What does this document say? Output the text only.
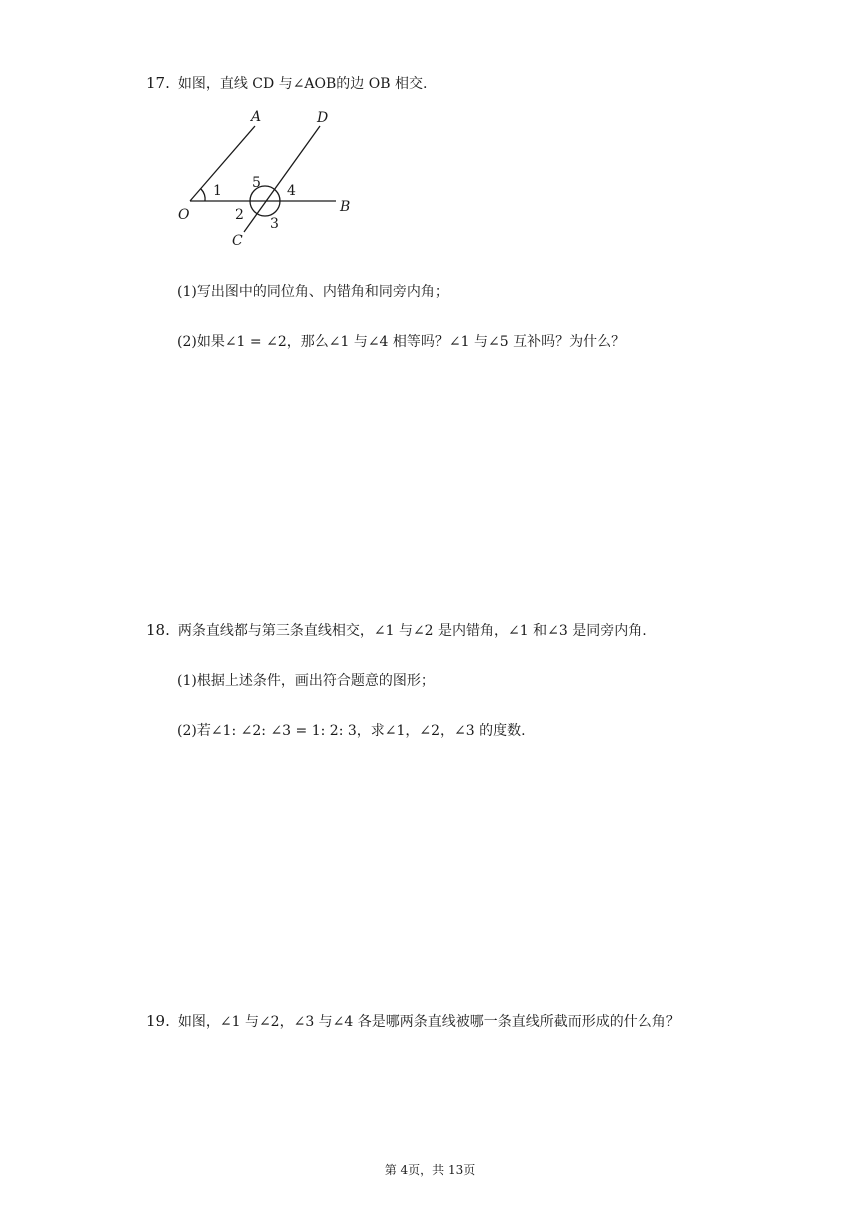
17. 如图，直线 CD 与∠AOB的边 OB 相交.
A	D
O	B
C
1
2
3
4
5
(1)写出图中的同位角、内错角和同旁内角；
(2)如果∠1 = ∠2，那么∠1 与∠4 相等吗？∠1 与∠5 互补吗？为什么？
18. 两条直线都与第三条直线相交，∠1 与∠2 是内错角，∠1 和∠3 是同旁内角.
(1)根据上述条件，画出符合题意的图形；
(2)若∠1: ∠2: ∠3 = 1: 2: 3，求∠1，∠2，∠3 的度数.
19. 如图，∠1 与∠2，∠3 与∠4 各是哪两条直线被哪一条直线所截而形成的什么角？
第 4页，共 13页
